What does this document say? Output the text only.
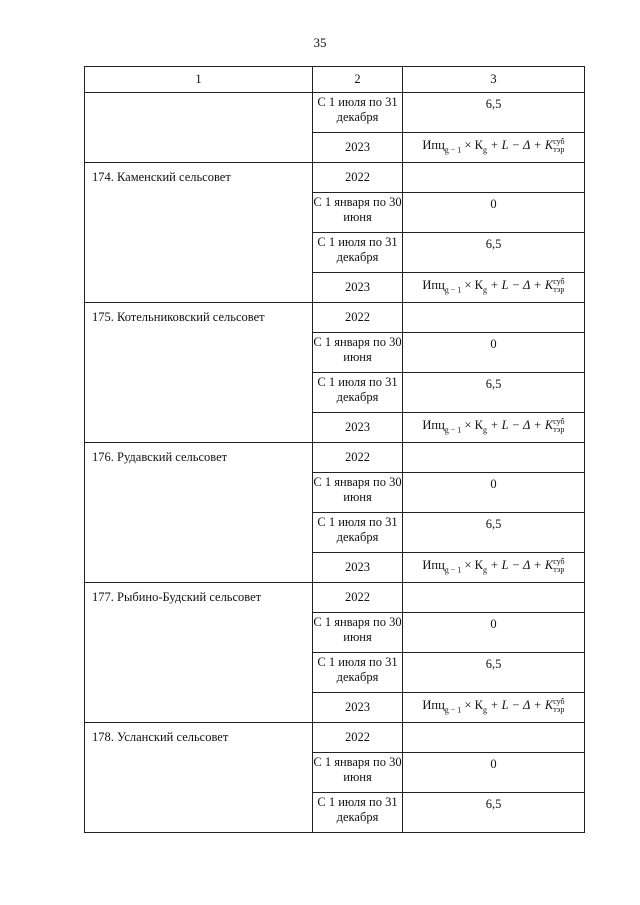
35
1	2	3
	С 1 июля по 31 декабря	6,5
	2023	$Ипц_{g - 1} \times К_g + L - \Delta + K$ суб
тэр

174. Каменский сельсовет	2022	
	С 1 января по 30 июня	0
	С 1 июля по 31 декабря	6,5
	2023	$Ипц_{g - 1} \times К_g + L - \Delta + K$ суб
тэр

175. Котельниковский сельсовет	2022	
	С 1 января по 30 июня	0
	С 1 июля по 31 декабря	6,5
	2023	$Ипц_{g - 1} \times К_g + L - \Delta + K$ суб
тэр

176. Рудавский сельсовет	2022	
	С 1 января по 30 июня	0
	С 1 июля по 31 декабря	6,5
	2023	$Ипц_{g - 1} \times К_g + L - \Delta + K$ суб
тэр

177. Рыбино-Будский сельсовет	2022	
	С 1 января по 30 июня	0
	С 1 июля по 31 декабря	6,5
	2023	$Ипц_{g - 1} \times К_g + L - \Delta + K$ суб
тэр

178. Усланский сельсовет	2022	
	С 1 января по 30 июня	0
	С 1 июля по 31 декабря	6,5
